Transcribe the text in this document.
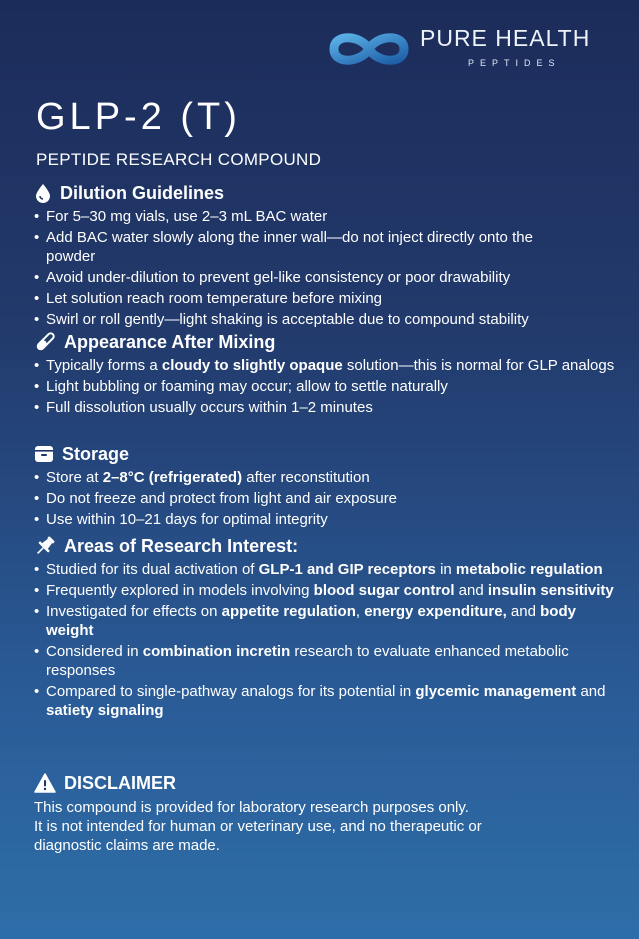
PURE HEALTH
PEPTIDES
GLP-2 (T)
PEPTIDE RESEARCH COMPOUND
Dilution Guidelines
• For 5–30 mg vials, use 2–3 mL BAC water
• Add BAC water slowly along the inner wall—do not inject directly onto the powder
• Avoid under-dilution to prevent gel-like consistency or poor drawability
• Let solution reach room temperature before mixing
• Swirl or roll gently—light shaking is acceptable due to compound stability
Appearance After Mixing
• Typically forms a cloudy to slightly opaque solution—this is normal for GLP analogs
• Light bubbling or foaming may occur; allow to settle naturally
• Full dissolution usually occurs within 1–2 minutes
Storage
• Store at 2–8°C (refrigerated) after reconstitution
• Do not freeze and protect from light and air exposure
• Use within 10–21 days for optimal integrity
Areas of Research Interest:
• Studied for its dual activation of GLP-1 and GIP receptors in metabolic regulation
• Frequently explored in models involving blood sugar control and insulin sensitivity
• Investigated for effects on appetite regulation, energy expenditure, and body weight
• Considered in combination incretin research to evaluate enhanced metabolic responses
• Compared to single-pathway analogs for its potential in glycemic management and satiety signaling
DISCLAIMER
This compound is provided for laboratory research purposes only.
It is not intended for human or veterinary use, and no therapeutic or
diagnostic claims are made.
